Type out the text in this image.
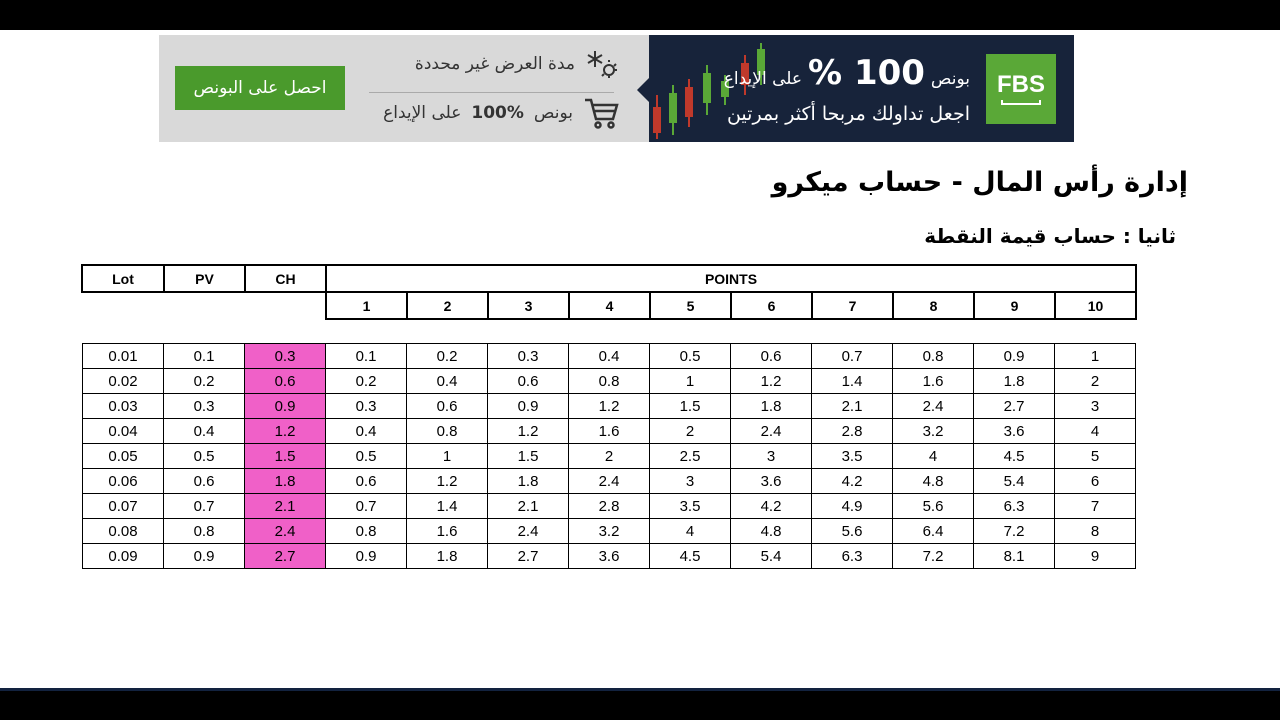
احصل على البونص
مدة العرض غير محددة
بونص
100%
على الإيداع
بونص
100 %
على الإيداع
اجعل تداولك مربحا أكثر بمرتين
FBS
إدارة رأس المال - حساب ميكرو
ثانيا : حساب قيمة النقطة
Lot	PV	CH	POINTS									
			1	2	3	4	5	6	7	8	9	10
0.01	0.1	0.3	0.1	0.2	0.3	0.4	0.5	0.6	0.7	0.8	0.9	1
0.02	0.2	0.6	0.2	0.4	0.6	0.8	1	1.2	1.4	1.6	1.8	2
0.03	0.3	0.9	0.3	0.6	0.9	1.2	1.5	1.8	2.1	2.4	2.7	3
0.04	0.4	1.2	0.4	0.8	1.2	1.6	2	2.4	2.8	3.2	3.6	4
0.05	0.5	1.5	0.5	1	1.5	2	2.5	3	3.5	4	4.5	5
0.06	0.6	1.8	0.6	1.2	1.8	2.4	3	3.6	4.2	4.8	5.4	6
0.07	0.7	2.1	0.7	1.4	2.1	2.8	3.5	4.2	4.9	5.6	6.3	7
0.08	0.8	2.4	0.8	1.6	2.4	3.2	4	4.8	5.6	6.4	7.2	8
0.09	0.9	2.7	0.9	1.8	2.7	3.6	4.5	5.4	6.3	7.2	8.1	9
